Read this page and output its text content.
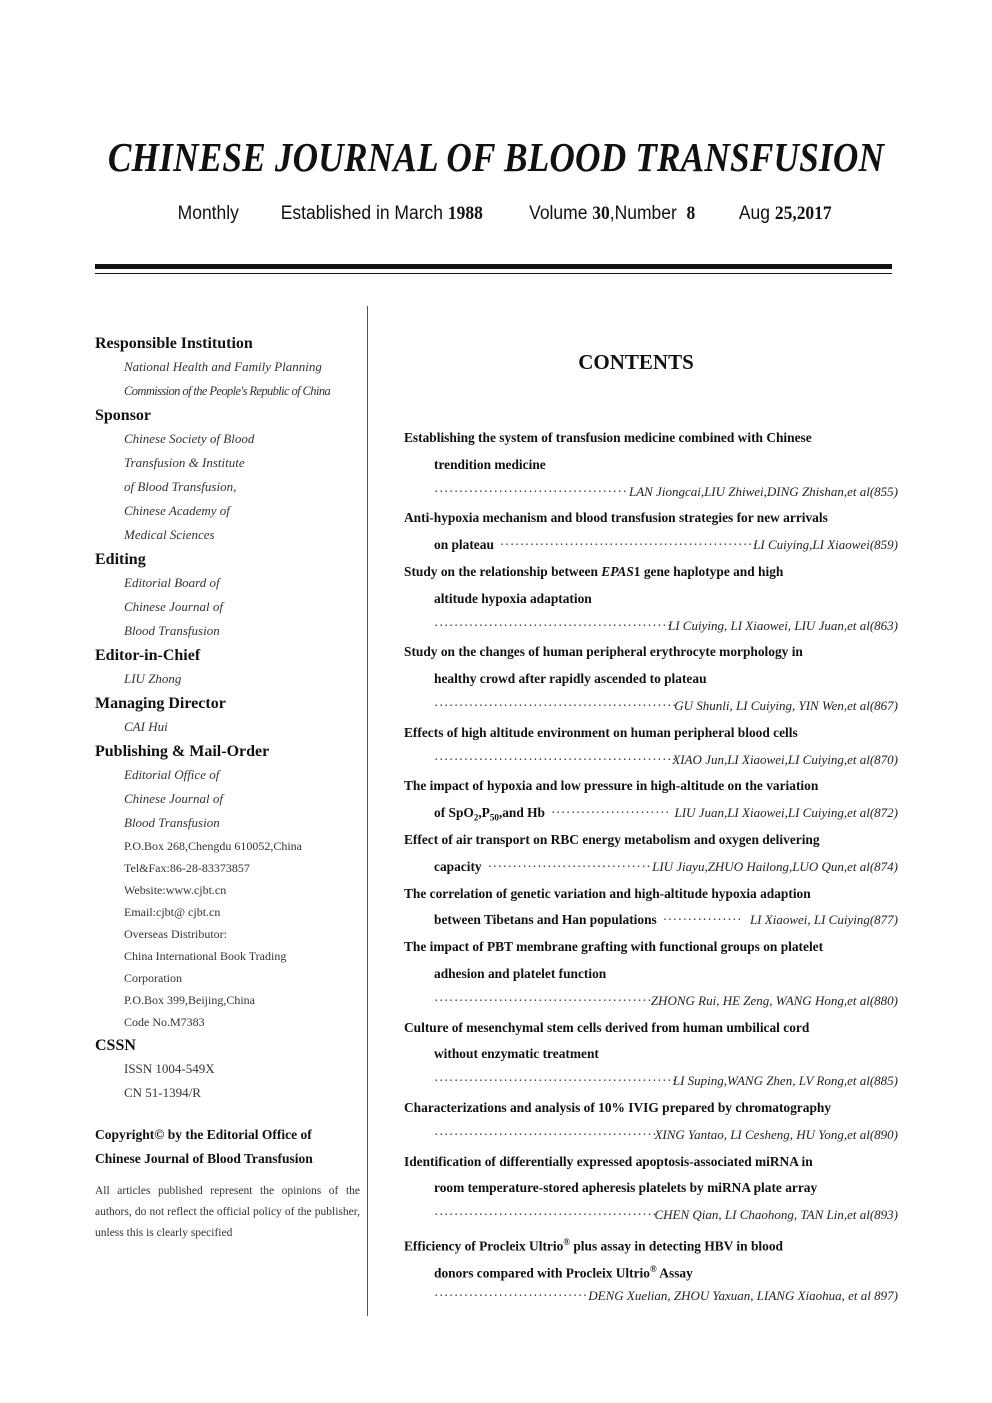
CHINESE JOURNAL OF BLOOD TRANSFUSION
Monthly Established in March 1988 Volume 30,Number 8 Aug 25,2017
Responsible Institution
National Health and Family Planning
Commission of the People's Republic of China
Sponsor
Chinese Society of Blood
Transfusion & Institute
of Blood Transfusion,
Chinese Academy of
Medical Sciences
Editing
Editorial Board of
Chinese Journal of
Blood Transfusion
Editor-in-Chief
LIU Zhong
Managing Director
CAI Hui
Publishing & Mail-Order
Editorial Office of
Chinese Journal of
Blood Transfusion
P.O.Box 268,Chengdu 610052,China
Tel&Fax:86-28-83373857
Website:www.cjbt.cn
Email:cjbt@ cjbt.cn
Overseas Distributor:
China International Book Trading
Corporation
P.O.Box 399,Beijing,China
Code No.M7383
CSSN
ISSN 1004-549X
CN 51-1394/R
Copyright© by the Editorial Office of
Chinese Journal of Blood Transfusion
All articles published represent the opinions of the authors, do not reflect the official policy of the publisher, unless this is clearly specified
CONTENTS
Establishing the system of transfusion medicine combined with Chinese
trendition medicine
LAN Jiongcai,LIU Zhiwei,DING Zhishan,et al(855)
·······································
Anti-hypoxia mechanism and blood transfusion strategies for new arrivals
on plateau	LI Cuiying,LI Xiaowei(859)
····················································
Study on the relationship between EPAS1 gene haplotype and high
altitude hypoxia adaptation
LI Cuiying, LI Xiaowei, LIU Juan,et al(863)
················································
Study on the changes of human peripheral erythrocyte morphology in
healthy crowd after rapidly ascended to plateau
GU Shunli, LI Cuiying, YIN Wen,et al(867)
·················································
Effects of high altitude environment on human peripheral blood cells
XIAO Jun,LI Xiaowei,LI Cuiying,et al(870)
·················································
The impact of hypoxia and low pressure in high-altitude on the variation
of $SpO_2,P_{50},and$ Hb	LIU Juan,LI Xiaowei,LI Cuiying,et al(872)
························
Effect of air transport on RBC energy metabolism and oxygen delivering
capacity	LIU Jiayu,ZHUO Hailong,LUO Qun,et al(874)
·································
The correlation of genetic variation and high-altitude hypoxia adaption
between Tibetans and Han populations	LI Xiaowei, LI Cuiying(877)
················
The impact of PBT membrane grafting with functional groups on platelet
adhesion and platelet function
ZHONG Rui, HE Zeng, WANG Hong,et al(880)
············································
Culture of mesenchymal stem cells derived from human umbilical cord
without enzymatic treatment
LI Suping,WANG Zhen, LV Rong,et al(885)
·················································
Characterizations and analysis of 10% IVIG prepared by chromatography
XING Yantao, LI Cesheng, HU Yong,et al(890)
·············································
Identification of differentially expressed apoptosis-associated miRNA in
room temperature-stored apheresis platelets by miRNA plate array
CHEN Qian, LI Chaohong, TAN Lin,et al(893)
·············································
Efficiency of Procleix Ultrio® plus assay in detecting HBV in blood
donors compared with Procleix Ultrio® Assay
DENG Xuelian, ZHOU Yaxuan, LIANG Xiaohua, et al 897)
·······························
